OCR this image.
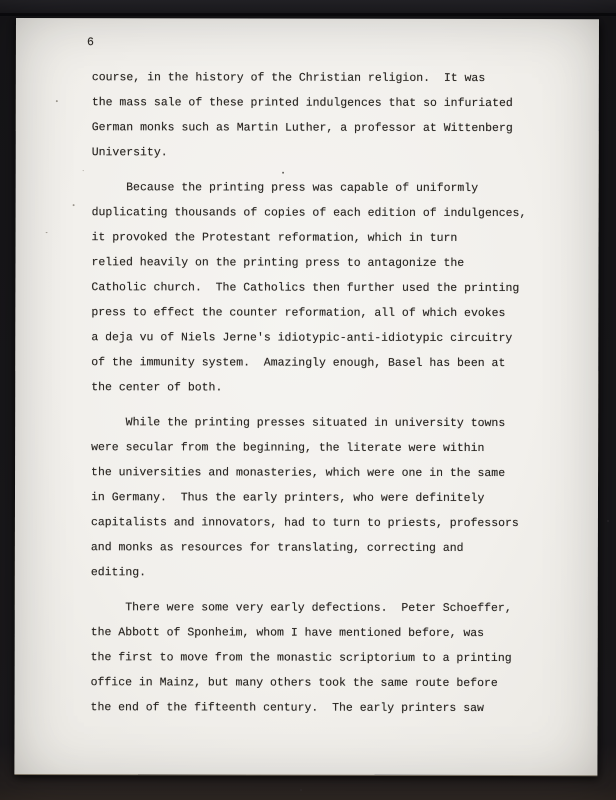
6
.

course, in the history of the Christian religion.  It was
the mass sale of these printed indulgences that so infuriated
German monks such as Martin Luther, a professor at Wittenberg
University.

Because the printing press was capable of uniformly
duplicating thousands of copies of each edition of indulgences,
it provoked the Protestant reformation, which in turn
relied heavily on the printing press to antagonize the
Catholic church.  The Catholics then further used the printing
press to effect the counter reformation, all of which evokes
a deja vu of Niels Jerne's idiotypic-anti-idiotypic circuitry
of the immunity system.  Amazingly enough, Basel has been at
the center of both.

While the printing presses situated in university towns
were secular from the beginning, the literate were within
the universities and monasteries, which were one in the same
in Germany.  Thus the early printers, who were definitely
capitalists and innovators, had to turn to priests, professors
and monks as resources for translating, correcting and
editing.

There were some very early defections.  Peter Schoeffer,
the Abbott of Sponheim, whom I have mentioned before, was
the first to move from the monastic scriptorium to a printing
office in Mainz, but many others took the same route before
the end of the fifteenth century.  The early printers saw
